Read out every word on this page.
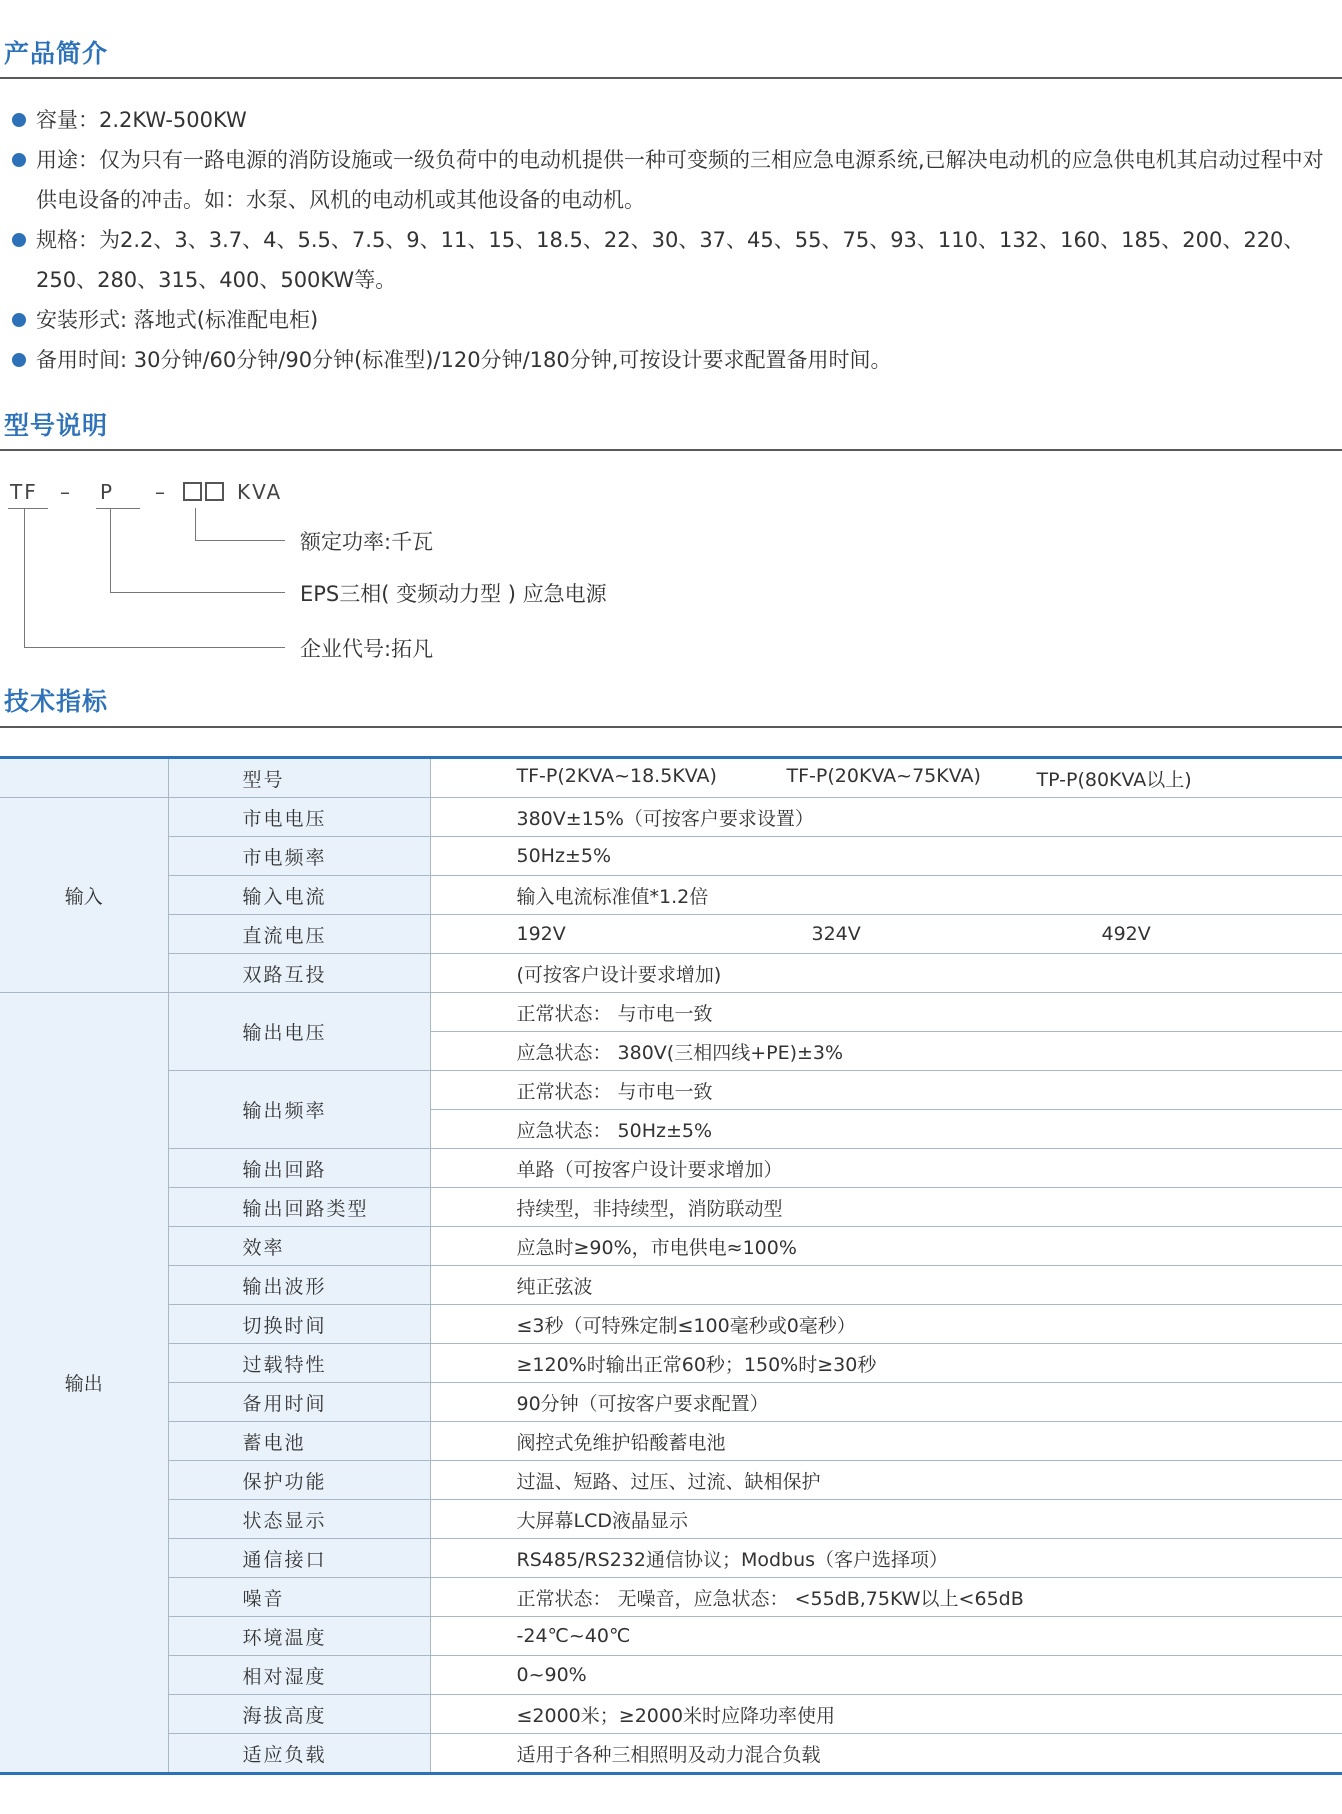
产品简介
容量：2.2KW-500KW
用途：仅为只有一路电源的消防设施或一级负荷中的电动机提供一种可变频的三相应急电源系统,已解决电动机的应急供电机其启动过程中对供电设备的冲击。如：水泵、风机的电动机或其他设备的电动机。
规格：为2.2、3、3.7、4、5.5、7.5、9、11、15、18.5、22、30、37、45、55、75、93、110、132、160、185、200、220、250、280、315、400、500KW等。
安装形式: 落地式(标准配电柜)
备用时间: 30分钟/60分钟/90分钟(标准型)/120分钟/180分钟,可按设计要求配置备用时间。
型号说明
TF – P –	KVA
额定功率:千瓦
EPS三相( 变频动力型 ) 应急电源
企业代号:拓凡
技术指标
	型号	TF-P(2KVA~18.5KVA) TF-P(20KVA~75KVA) TP-P(80KVA以上)

输入	市电电压	380V±15%（可按客户要求设置）
	市电频率	50Hz±5%
	输入电流	输入电流标准值*1.2倍
	直流电压	192V 324V 492V

	双路互投	(可按客户设计要求增加)
输出	输出电压	正常状态： 与市电一致
		应急状态： 380V(三相四线+PE)±3%
	输出频率	正常状态： 与市电一致
		应急状态： 50Hz±5%
	输出回路	单路（可按客户设计要求增加）
	输出回路类型	持续型，非持续型，消防联动型
	效率	应急时≥90%，市电供电≈100%
	输出波形	纯正弦波
	切换时间	≤3秒（可特殊定制≤100毫秒或0毫秒）
	过载特性	≥120%时输出正常60秒；150%时≥30秒
	备用时间	90分钟（可按客户要求配置）
	蓄电池	阀控式免维护铅酸蓄电池
	保护功能	过温、短路、过压、过流、缺相保护
	状态显示	大屏幕LCD液晶显示
	通信接口	RS485/RS232通信协议；Modbus（客户选择项）
	噪音	正常状态： 无噪音，应急状态： <55dB,75KW以上<65dB
	环境温度	-24℃~40℃
	相对湿度	0~90%
	海拔高度	≤2000米；≥2000米时应降功率使用
	适应负载	适用于各种三相照明及动力混合负载
